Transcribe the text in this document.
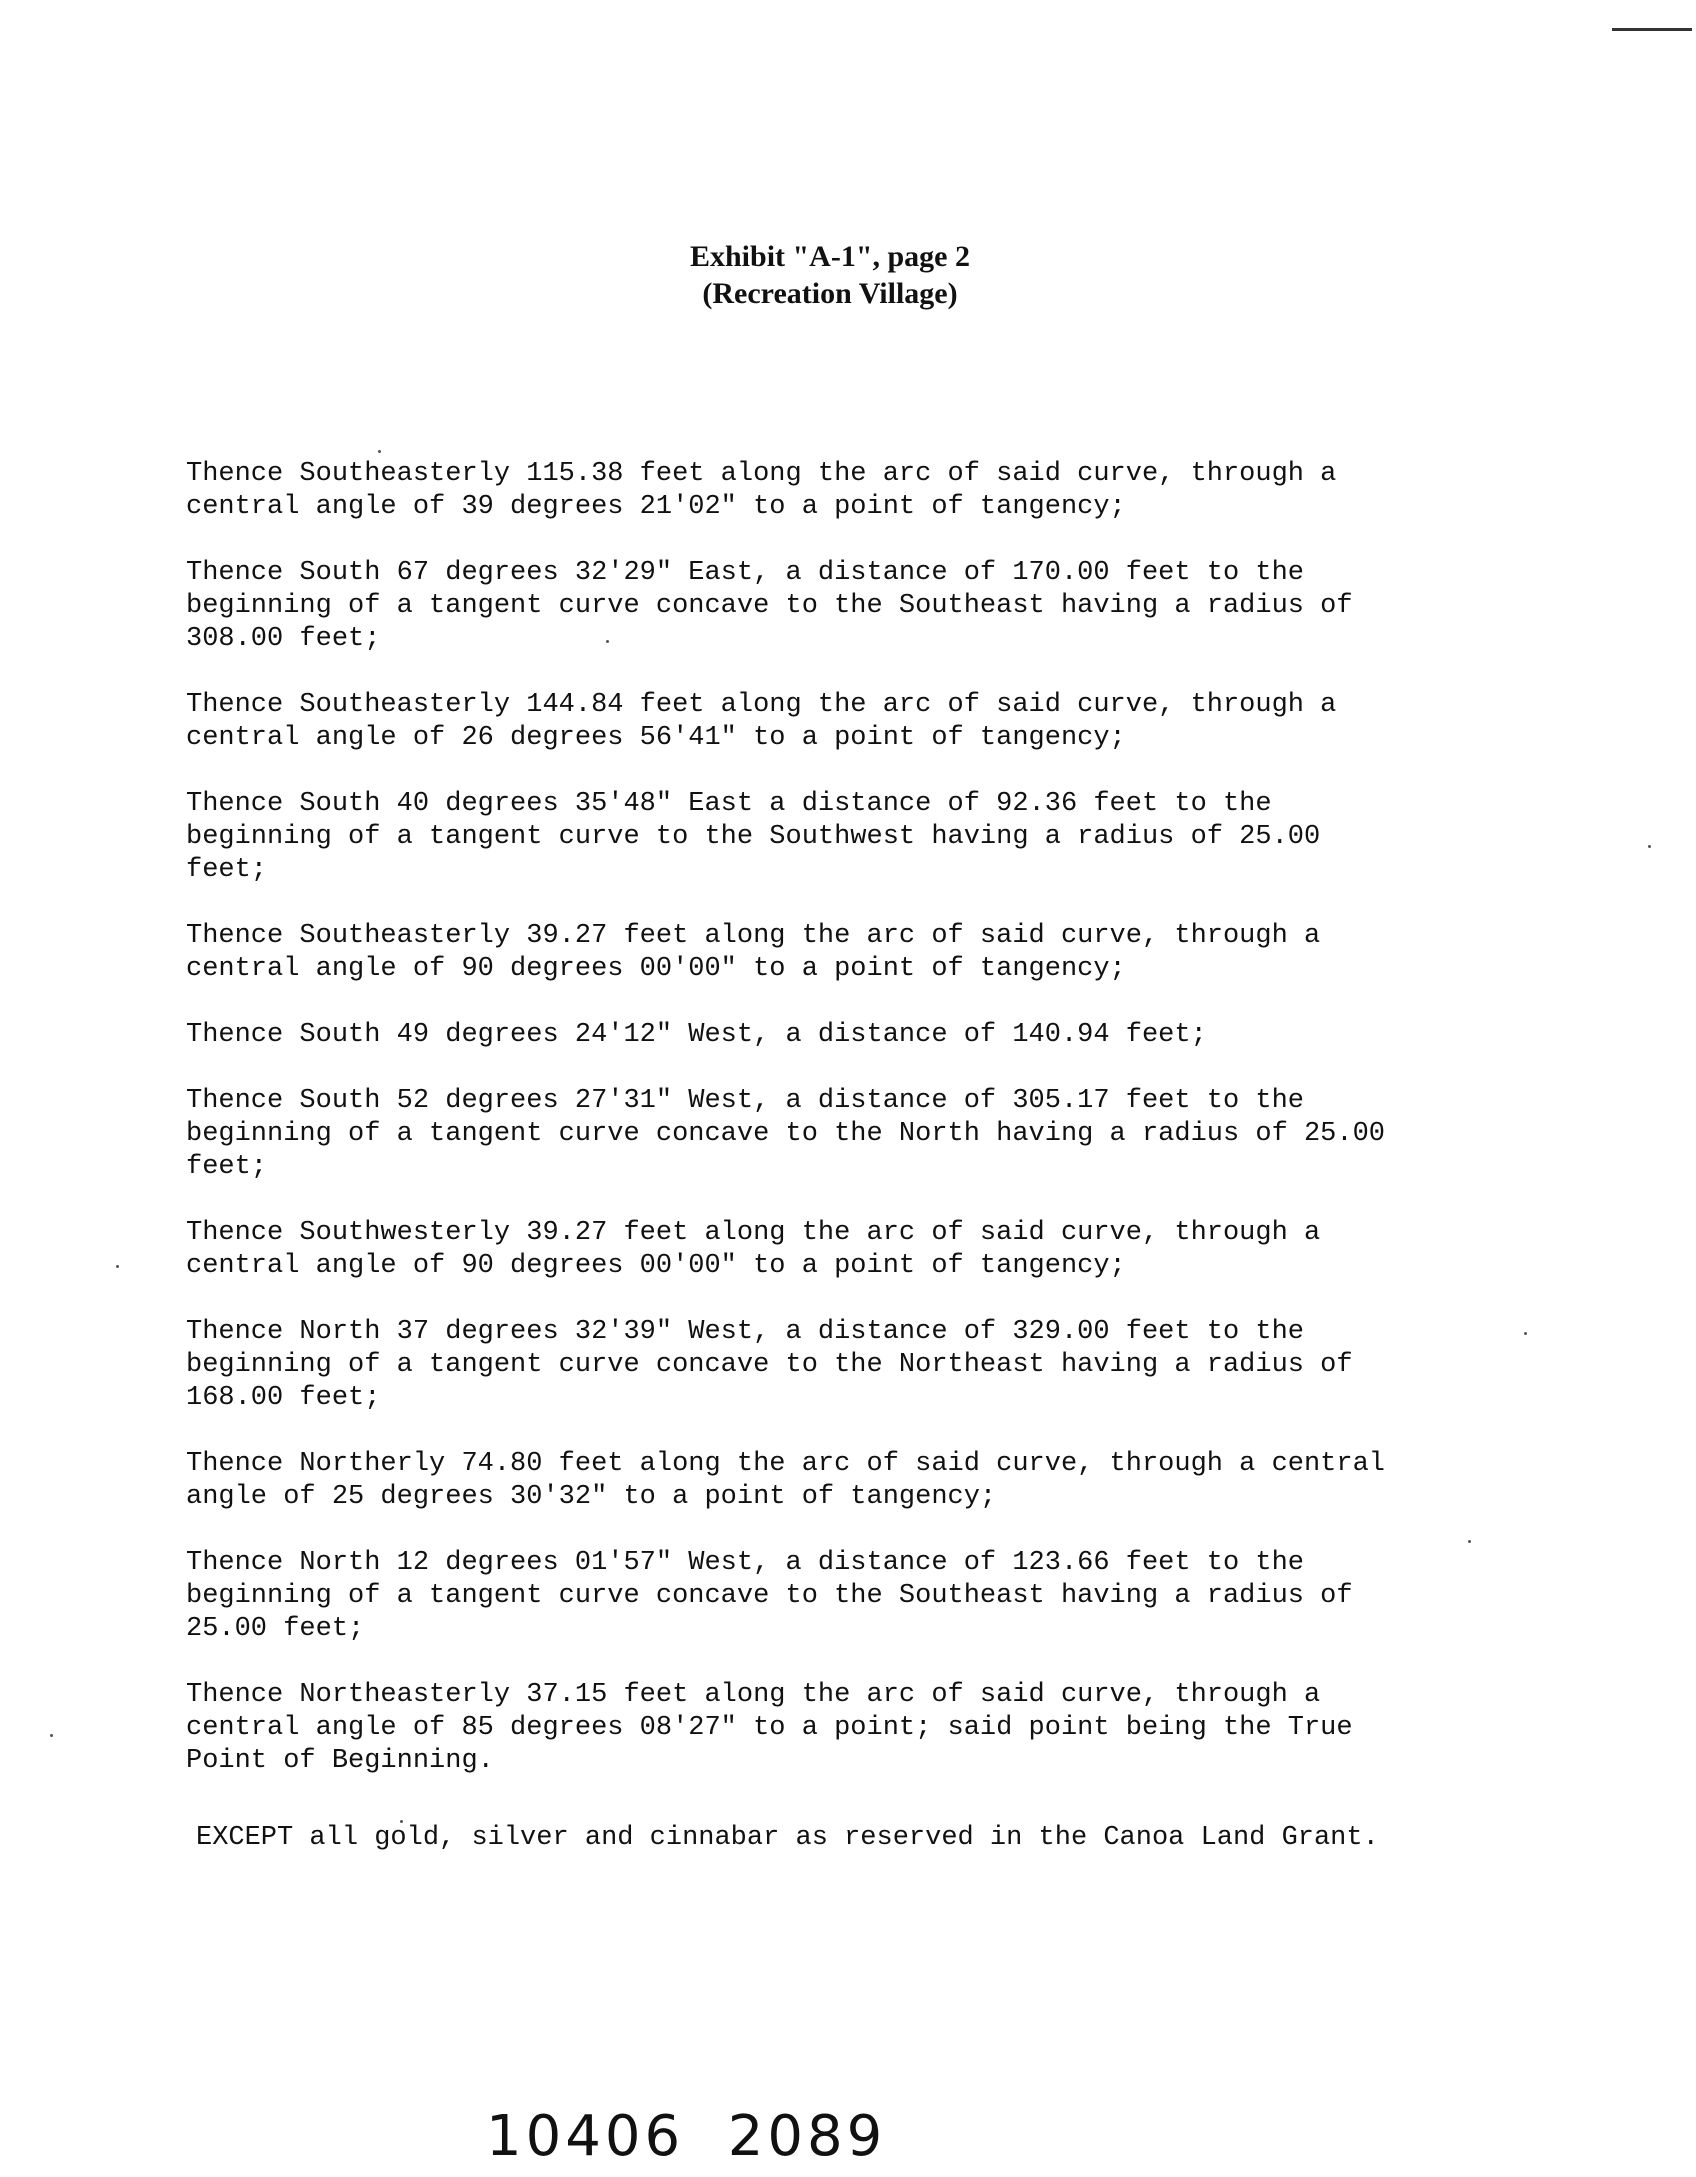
Exhibit "A-1", page 2
(Recreation Village)

Thence Southeasterly 115.38 feet along the arc of said curve, through a
central angle of 39 degrees 21'02" to a point of tangency;

Thence South 67 degrees 32'29" East, a distance of 170.00 feet to the
beginning of a tangent curve concave to the Southeast having a radius of
308.00 feet;

Thence Southeasterly 144.84 feet along the arc of said curve, through a
central angle of 26 degrees 56'41" to a point of tangency;

Thence South 40 degrees 35'48" East a distance of 92.36 feet to the
beginning of a tangent curve to the Southwest having a radius of 25.00
feet;

Thence Southeasterly 39.27 feet along the arc of said curve, through a
central angle of 90 degrees 00'00" to a point of tangency;

Thence South 49 degrees 24'12" West, a distance of 140.94 feet;

Thence South 52 degrees 27'31" West, a distance of 305.17 feet to the
beginning of a tangent curve concave to the North having a radius of 25.00
feet;

Thence Southwesterly 39.27 feet along the arc of said curve, through a
central angle of 90 degrees 00'00" to a point of tangency;

Thence North 37 degrees 32'39" West, a distance of 329.00 feet to the
beginning of a tangent curve concave to the Northeast having a radius of
168.00 feet;

Thence Northerly 74.80 feet along the arc of said curve, through a central
angle of 25 degrees 30'32" to a point of tangency;

Thence North 12 degrees 01'57" West, a distance of 123.66 feet to the
beginning of a tangent curve concave to the Southeast having a radius of
25.00 feet;

Thence Northeasterly 37.15 feet along the arc of said curve, through a
central angle of 85 degrees 08'27" to a point; said point being the True
Point of Beginning.

EXCEPT all gold, silver and cinnabar as reserved in the Canoa Land Grant.

10406  2089
